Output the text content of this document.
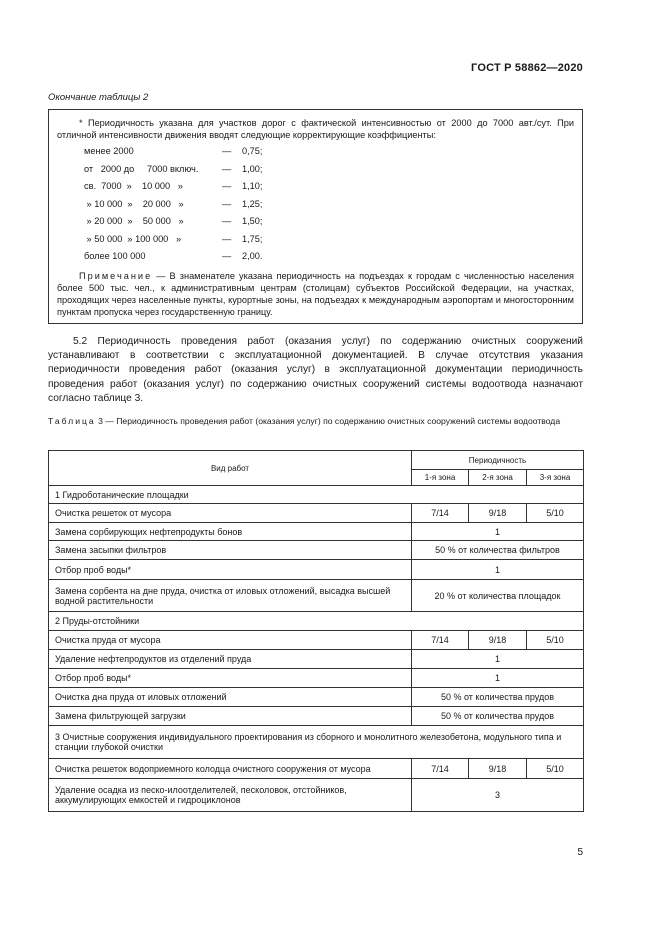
ГОСТ Р 58862—2020
Окончание таблицы 2
* Периодичность указана для участков дорог с фактической интенсивностью от 2000 до 7000 авт./сут. При отличной интенсивности движения вводят следующие корректирующие коэффициенты:
менее 2000	— 0,75;
от   2000 до     7000 включ.	— 1,00;
св.  7000  »    10 000   »	— 1,10;
» 10 000  »    20 000   »	— 1,25;
» 20 000  »    50 000   »	— 1,50;
» 50 000  » 100 000   »	— 1,75;
более 100 000	— 2,00.
Примечание — В знаменателе указана периодичность на подъездах к городам с численностью населения более 500 тыс. чел., к административным центрам (столицам) субъектов Российской Федерации, на участках, проходящих через населенные пункты, курортные зоны, на подъездах к международным аэропортам и многосторонним пунктам пропуска через государственную границу.
5.2 Периодичность проведения работ (оказания услуг) по содержанию очистных сооружений устанавливают в соответствии с эксплуатационной документацией. В случае отсутствия указания периодичности проведения работ (оказания услуг) в эксплуатационной документации периодичность проведения работ (оказания услуг) по содержанию очистных сооружений системы водоотвода назначают согласно таблице 3.
Таблица 3 — Периодичность проведения работ (оказания услуг) по содержанию очистных сооружений системы водоотвода
Вид работ	Периодичность		
	1-я зона	2-я зона	3-я зона
1 Гидроботанические площадки			
Очистка решеток от мусора	7/14	9/18	5/10
Замена сорбирующих нефтепродукты бонов	1		
Замена засыпки фильтров	50 % от количества фильтров		
Отбор проб воды*	1		
Замена сорбента на дне пруда, очистка от иловых отложений, высадка высшей водной растительности	20 % от количества площадок		
2 Пруды-отстойники			
Очистка пруда от мусора	7/14	9/18	5/10
Удаление нефтепродуктов из отделений пруда	1		
Отбор проб воды*	1		
Очистка дна пруда от иловых отложений	50 % от количества прудов		
Замена фильтрующей загрузки	50 % от количества прудов		
3 Очистные сооружения индивидуального проектирования из сборного и монолитного железобетона, модульного типа и станции глубокой очистки			
Очистка решеток водоприемного колодца очистного сооружения от мусора	7/14	9/18	5/10
Удаление осадка из песко-илоотделителей, песколовок, отстойников, аккумулирующих емкостей и гидроциклонов	3		
5
